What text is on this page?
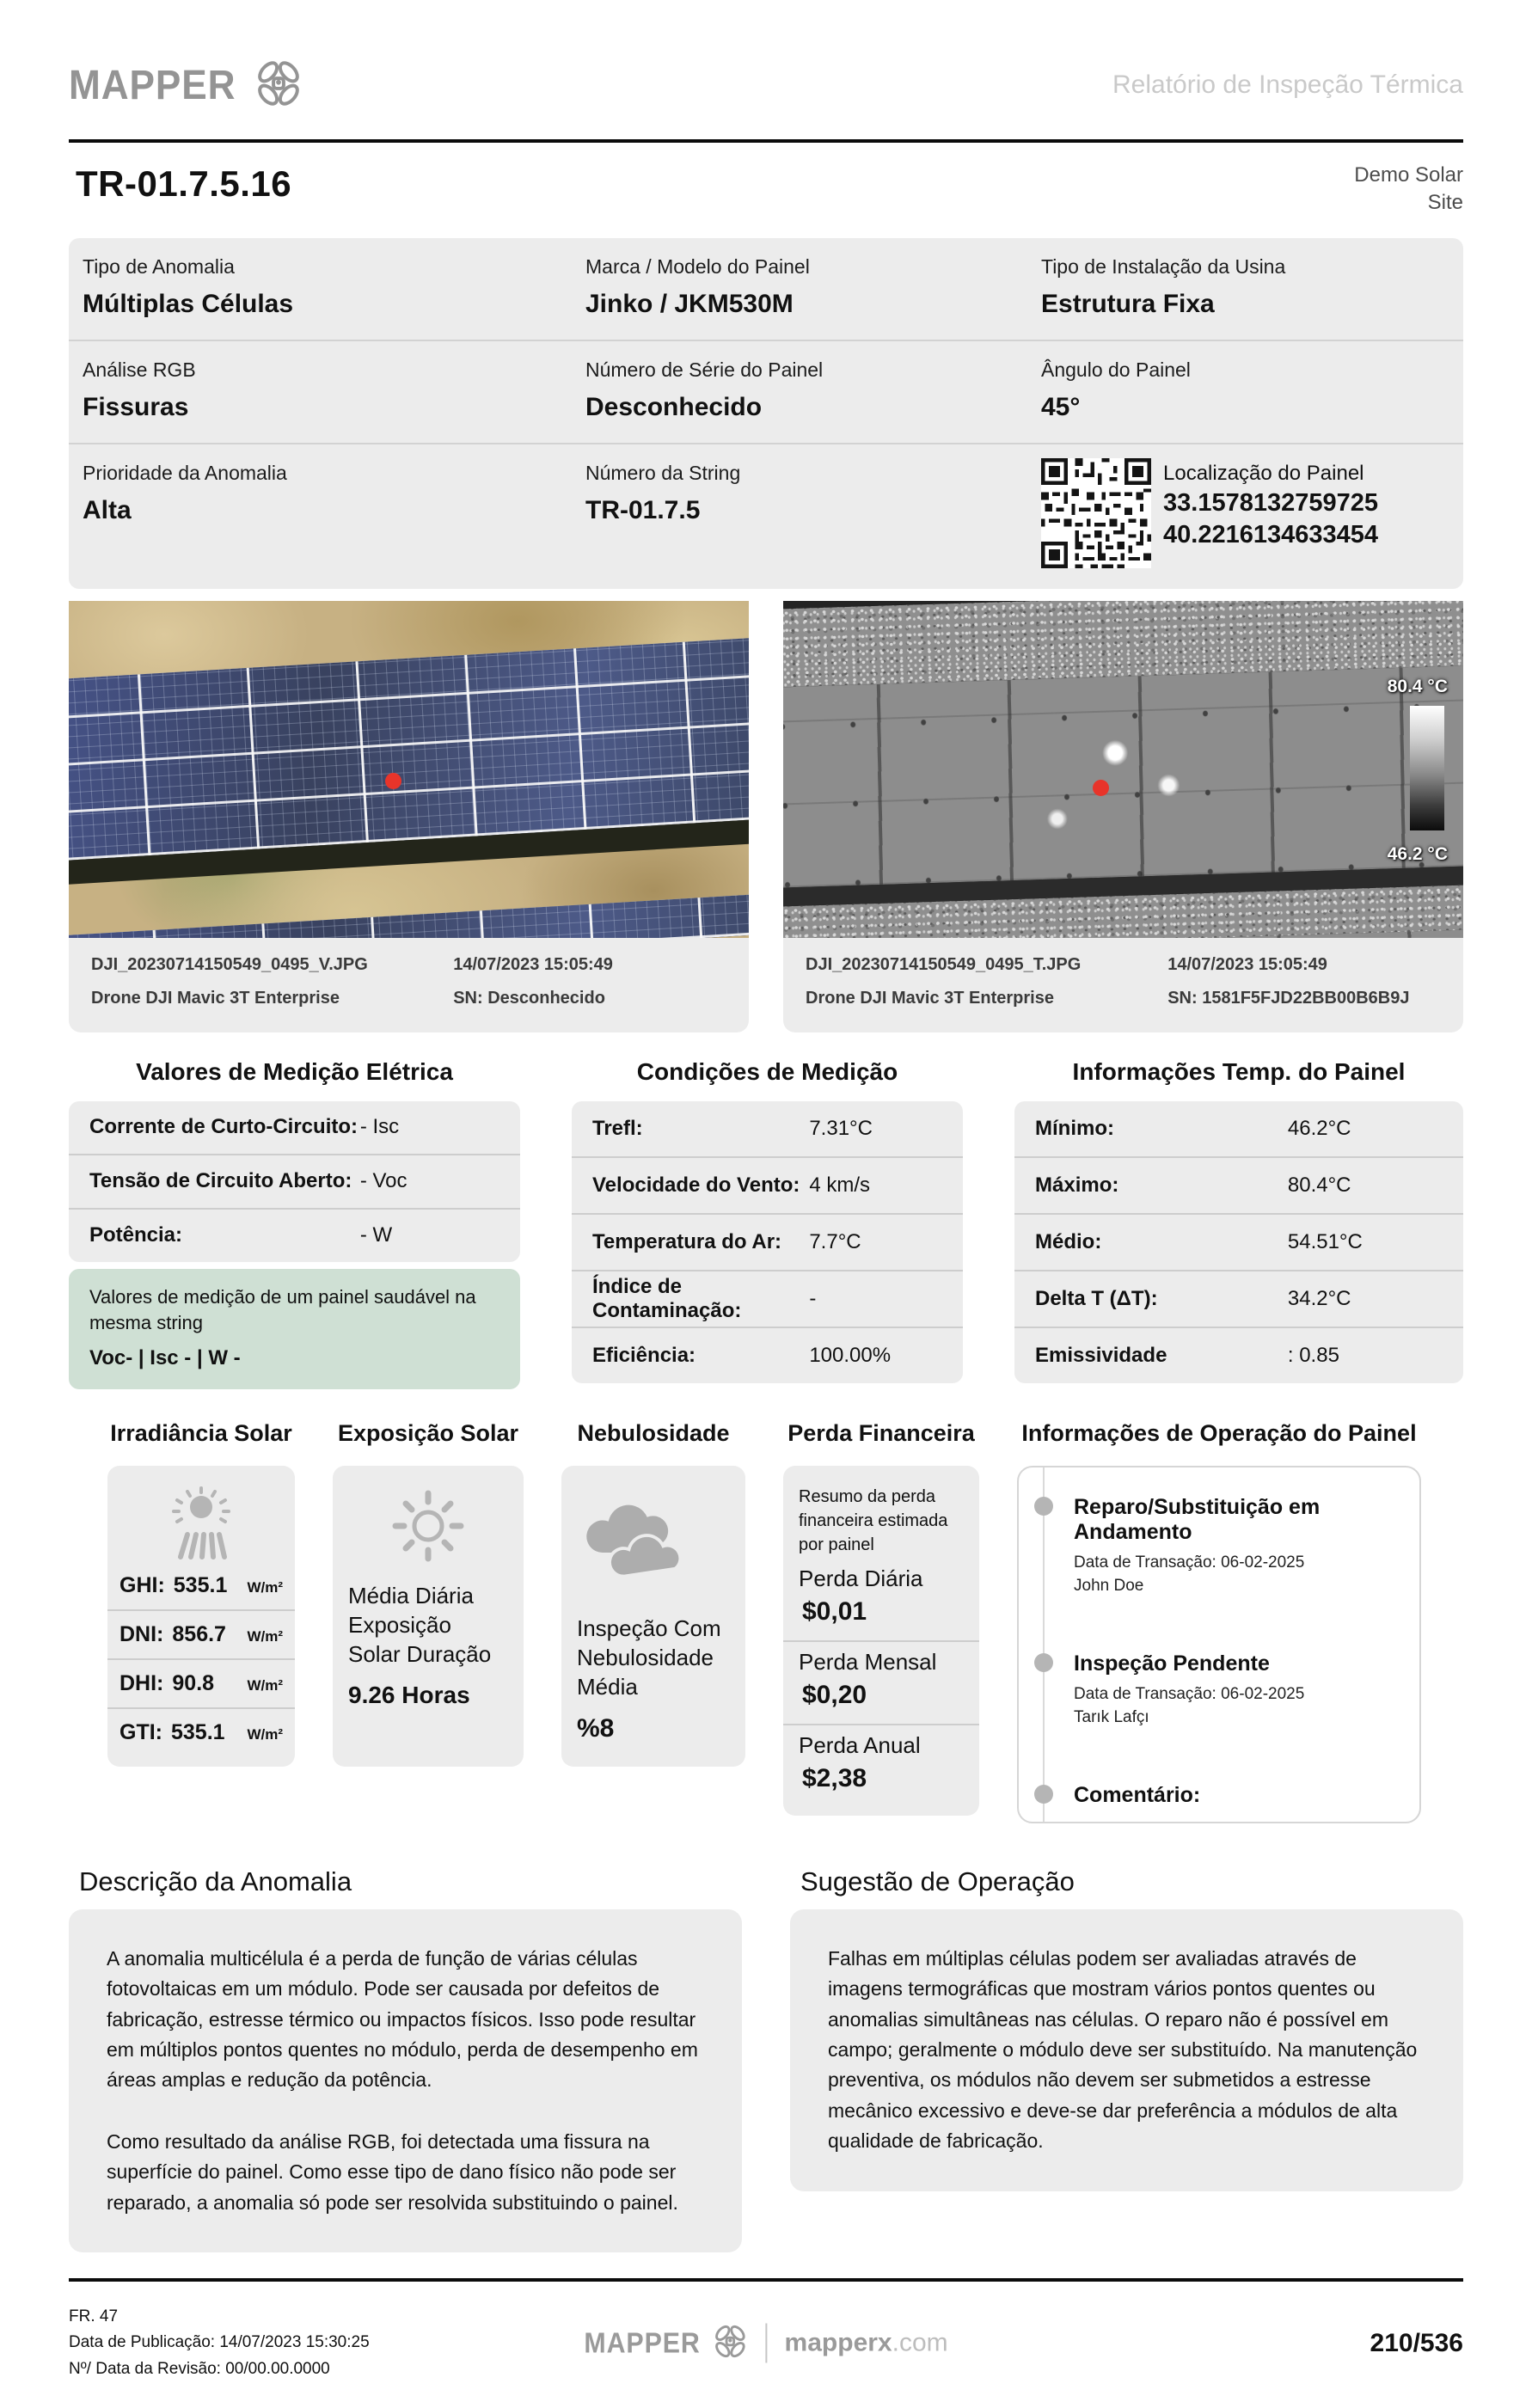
MAPPER	Relatório de Inspeção Térmica
TR-01.7.5.16	Demo Solar Site
Tipo de Anomalia
Múltiplas Células
Marca / Modelo do Painel
Jinko / JKM530M
Tipo de Instalação da Usina
Estrutura Fixa
Análise RGB
Fissuras
Número de Série do Painel
Desconhecido
Ângulo do Painel
45°
Prioridade da Anomalia
Alta
Número da String
TR-01.7.5
Localização do Painel
33.1578132759725
40.2216134633454
DJI_20230714150549_0495_V.JPG	14/07/2023 15:05:49
Drone DJI Mavic 3T Enterprise	SN: Desconhecido
80.4 °C
46.2 °C
DJI_20230714150549_0495_T.JPG	14/07/2023 15:05:49
Drone DJI Mavic 3T Enterprise	SN: 1581F5FJD22BB00B6B9J
Valores de Medição Elétrica
Corrente de Curto-Circuito: - Isc
Tensão de Circuito Aberto: - Voc
Potência:	- W
Valores de medição de um painel saudável na mesma string
Voc- | Isc - | W -
Condições de Medição
Trefl:	7.31°C
Velocidade do Vento: 4 km/s
Temperatura do Ar:	7.7°C
Índice de Contaminação:
-
Eficiência:	100.00%
Informações Temp. do Painel
Mínimo:	46.2°C
Máximo:	80.4°C
Médio:	54.51°C
Delta T (ΔT):	34.2°C
Emissividade	: 0.85
Irradiância Solar
GHI: 535.1 W/m²
DNI: 856.7 W/m²
DHI: 90.8 W/m²
GTI: 535.1 W/m²
Exposição Solar
Média Diária Exposição Solar Duração
9.26 Horas
Nebulosidade
Inspeção Com Nebulosidade Média
%8
Perda Financeira
Resumo da perda financeira estimada por painel
Perda Diária
$0,01
Perda Mensal
$0,20
Perda Anual
$2,38
Informações de Operação do Painel
Reparo/Substituição em Andamento
Data de Transação: 06-02-2025
John Doe
Inspeção Pendente
Data de Transação: 06-02-2025
Tarık Lafçı
Comentário:
Descrição da Anomalia

A anomalia multicélula é a perda de função de várias células fotovoltaicas em um módulo. Pode ser causada por defeitos de fabricação, estresse térmico ou impactos físicos. Isso pode resultar em múltiplos pontos quentes no módulo, perda de desempenho em áreas amplas e redução da potência.

Como resultado da análise RGB, foi detectada uma fissura na superfície do painel. Como esse tipo de dano físico não pode ser reparado, a anomalia só pode ser resolvida substituindo o painel.

Sugestão de Operação

Falhas em múltiplas células podem ser avaliadas através de imagens termográficas que mostram vários pontos quentes ou anomalias simultâneas nas células. O reparo não é possível em campo; geralmente o módulo deve ser substituído. Na manutenção preventiva, os módulos não devem ser submetidos a estresse mecânico excessivo e deve-se dar preferência a módulos de alta qualidade de fabricação.

FR. 47
Data de Publicação: 14/07/2023 15:30:25
Nº/ Data da Revisão: 00/00.00.0000
MAPPER	mapperx.com	210/536
